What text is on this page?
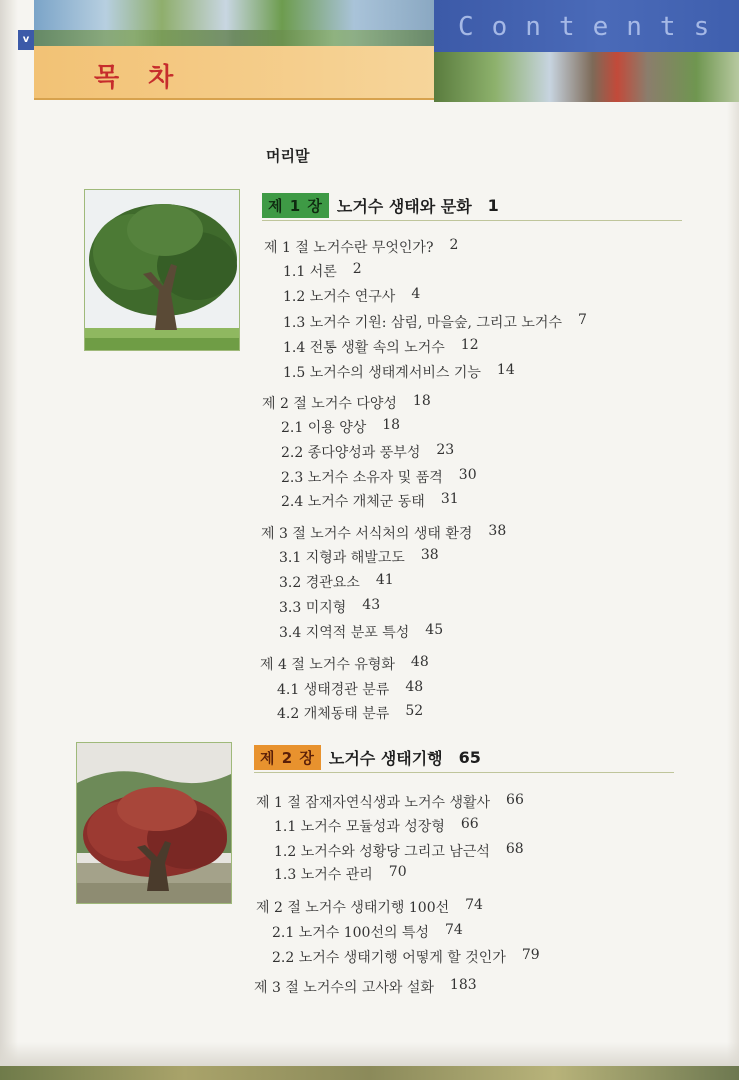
Contents
v
목 차
머리말
제 1 장 노거수 생태와 문화 1
제 1 절 노거수란 무엇인가? 2
1.1 서론 2
1.2 노거수 연구사 4
1.3 노거수 기원: 삼림, 마을숲, 그리고 노거수 7
1.4 전통 생활 속의 노거수 12
1.5 노거수의 생태계서비스 기능 14
제 2 절 노거수 다양성 18
2.1 이용 양상 18
2.2 종다양성과 풍부성 23
2.3 노거수 소유자 및 품격 30
2.4 노거수 개체군 동태 31
제 3 절 노거수 서식처의 생태 환경 38
3.1 지형과 해발고도 38
3.2 경관요소 41
3.3 미지형 43
3.4 지역적 분포 특성 45
제 4 절 노거수 유형화 48
4.1 생태경관 분류 48
4.2 개체동태 분류 52
제 2 장 노거수 생태기행 65
제 1 절 잠재자연식생과 노거수 생활사 66
1.1 노거수 모듈성과 성장형 66
1.2 노거수와 성황당 그리고 남근석 68
1.3 노거수 관리 70
제 2 절 노거수 생태기행 100선 74
2.1 노거수 100선의 특성 74
2.2 노거수 생태기행 어떻게 할 것인가 79
제 3 절 노거수의 고사와 설화 183
